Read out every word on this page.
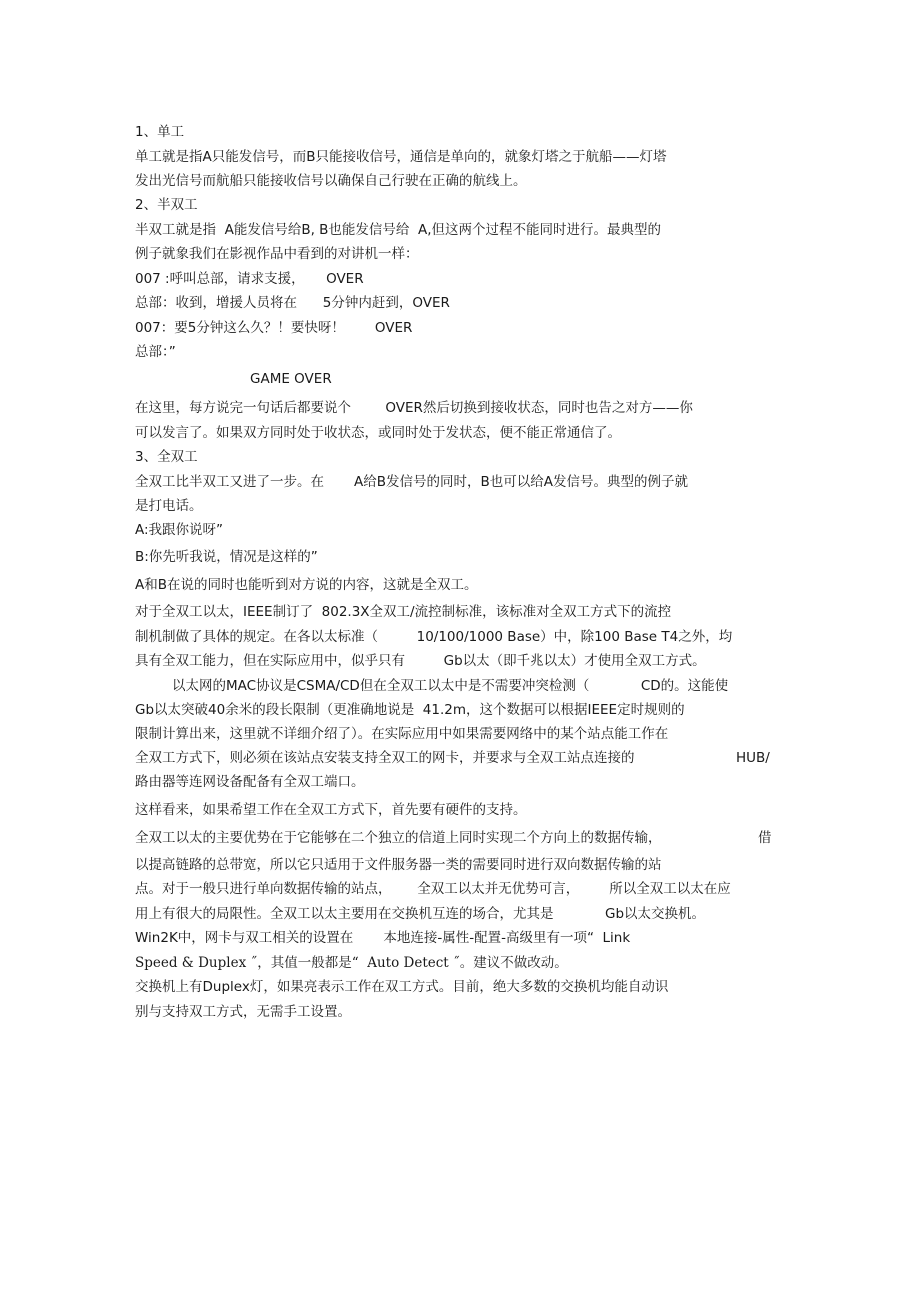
1、单工
单工就是指A只能发信号，而B只能接收信号，通信是单向的，就象灯塔之于航船——灯塔
发出光信号而航船只能接收信号以确保自己行驶在正确的航线上。
2、半双工
半双工就是指  A能发信号给B, B也能发信号给  A,但这两个过程不能同时进行。最典型的
例子就象我们在影视作品中看到的对讲机一样：
007 :呼叫总部，请求支援，     OVER
总部：收到，增援人员将在      5分钟内赶到，OVER
007：要5分钟这么久？！要快呀！       OVER
总部：”
GAME OVER
在这里，每方说完一句话后都要说个        OVER然后切换到接收状态，同时也告之对方——你
可以发言了。如果双方同时处于收状态，或同时处于发状态，便不能正常通信了。
3、全双工
全双工比半双工又进了一步。在       A给B发信号的同时，B也可以给A发信号。典型的例子就
是打电话。
A:我跟你说呀”
B:你先听我说，情况是这样的”
A和B在说的同时也能听到对方说的内容，这就是全双工。
对于全双工以太，IEEE制订了  802.3X全双工/流控制标准，该标准对全双工方式下的流控
制机制做了具体的规定。在各以太标准（         10/100/1000 Base）中，除100 Base T4之外，均
具有全双工能力，但在实际应用中，似乎只有         Gb以太（即千兆以太）才使用全双工方式。
以太网的MAC协议是CSMA/CD但在全双工以太中是不需要冲突检测（            CD的。这能使
Gb以太突破40余米的段长限制（更准确地说是  41.2m，这个数据可以根据IEEE定时规则的
限制计算出来，这里就不详细介绍了）。在实际应用中如果需要网络中的某个站点能工作在
全双工方式下，则必须在该站点安装支持全双工的网卡，并要求与全双工站点连接的	HUB/
路由器等连网设备配备有全双工端口。
这样看来，如果希望工作在全双工方式下，首先要有硬件的支持。
全双工以太的主要优势在于它能够在二个独立的信道上同时实现二个方向上的数据传输，	借
以提高链路的总带宽，所以它只适用于文件服务器一类的需要同时进行双向数据传输的站
点。对于一般只进行单向数据传输的站点，      全双工以太并无优势可言，       所以全双工以太在应
用上有很大的局限性。全双工以太主要用在交换机互连的场合，尤其是            Gb以太交换机。
Win2K中，网卡与双工相关的设置在       本地连接-属性-配置-高级里有一项“  Link
Speed & Duplex ˝，其值一般都是“  Auto Detect ˝。建议不做改动。
交换机上有Duplex灯，如果亮表示工作在双工方式。目前，绝大多数的交换机均能自动识
别与支持双工方式，无需手工设置。
